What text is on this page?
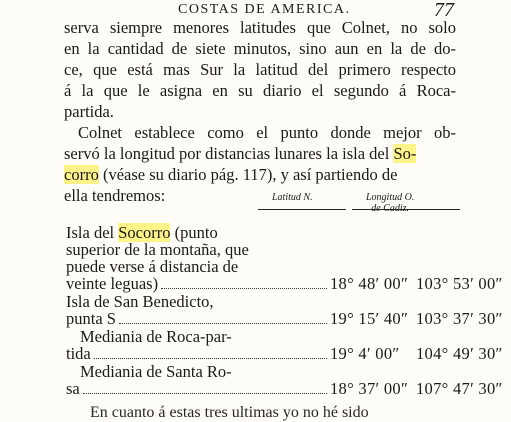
COSTAS DE AMERICA.	77
serva siempre menores latitudes que Colnet, no solo
en la cantidad de siete minutos, sino aun en la de do-
ce, que está mas Sur la latitud del primero respecto
á la que le asigna en su diario el segundo á Roca-
partida.
Colnet establece como el punto donde mejor ob-
servó la longitud por distancias lunares la isla del So-
corro (véase su diario pág. 117), y así partiendo de
ella tendremos:	Latitud N.	Longitud O.
Isla del Socorro (punto
superior de la montaña, que
puede verse á distancia de
veinte leguas)	18° 48′ 00″ 103° 53′ 00″
Isla de San Benedicto,
punta S	19° 15′ 40″ 103° 37′ 30″
Mediania de Roca-par-
tida	19° 4′ 00″ 104° 49′ 30″
Mediania de Santa Ro-
sa	18° 37′ 00″ 107° 47′ 30″
En cuanto á estas tres ultimas yo no hé sido
